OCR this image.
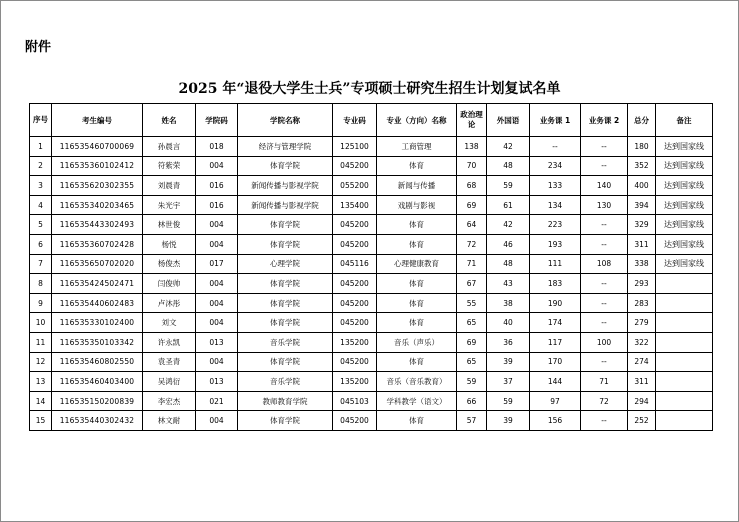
附件
2025 年“退役大学生士兵”专项硕士研究生招生计划复试名单
序号	考生编号	姓名	学院码	学院名称	专业码	专业（方向）名称	政治理论	外国语	业务课 1	业务课 2	总分	备注
1	116535460700069	孙晨言	018	经济与管理学院	125100	工商管理	138	42	--	--	180	达到国家线
2	116535360102412	符紫荣	004	体育学院	045200	体育	70	48	234	--	352	达到国家线
3	116535620302355	刘晨青	016	新闻传播与影视学院	055200	新闻与传播	68	59	133	140	400	达到国家线
4	116535340203465	朱光宇	016	新闻传播与影视学院	135400	戏剧与影视	69	61	134	130	394	达到国家线
5	116535443302493	林世俊	004	体育学院	045200	体育	64	42	223	--	329	达到国家线
6	116535360702428	杨悦	004	体育学院	045200	体育	72	46	193	--	311	达到国家线
7	116535650702020	杨俊杰	017	心理学院	045116	心理健康教育	71	48	111	108	338	达到国家线
8	116535424502471	闫俊帅	004	体育学院	045200	体育	67	43	183	--	293	
9	116535440602483	卢沐彤	004	体育学院	045200	体育	55	38	190	--	283	
10	116535330102400	刘文	004	体育学院	045200	体育	65	40	174	--	279	
11	116535350103342	许永凯	013	音乐学院	135200	音乐（声乐）	69	36	117	100	322	
12	116535460802550	袁圣青	004	体育学院	045200	体育	65	39	170	--	274	
13	116535460403400	吴鸿衍	013	音乐学院	135200	音乐（音乐教育）	59	37	144	71	311	
14	116535150200839	李宏杰	021	教师教育学院	045103	学科教学（语文）	66	59	97	72	294	
15	116535440302432	林文耐	004	体育学院	045200	体育	57	39	156	--	252	
